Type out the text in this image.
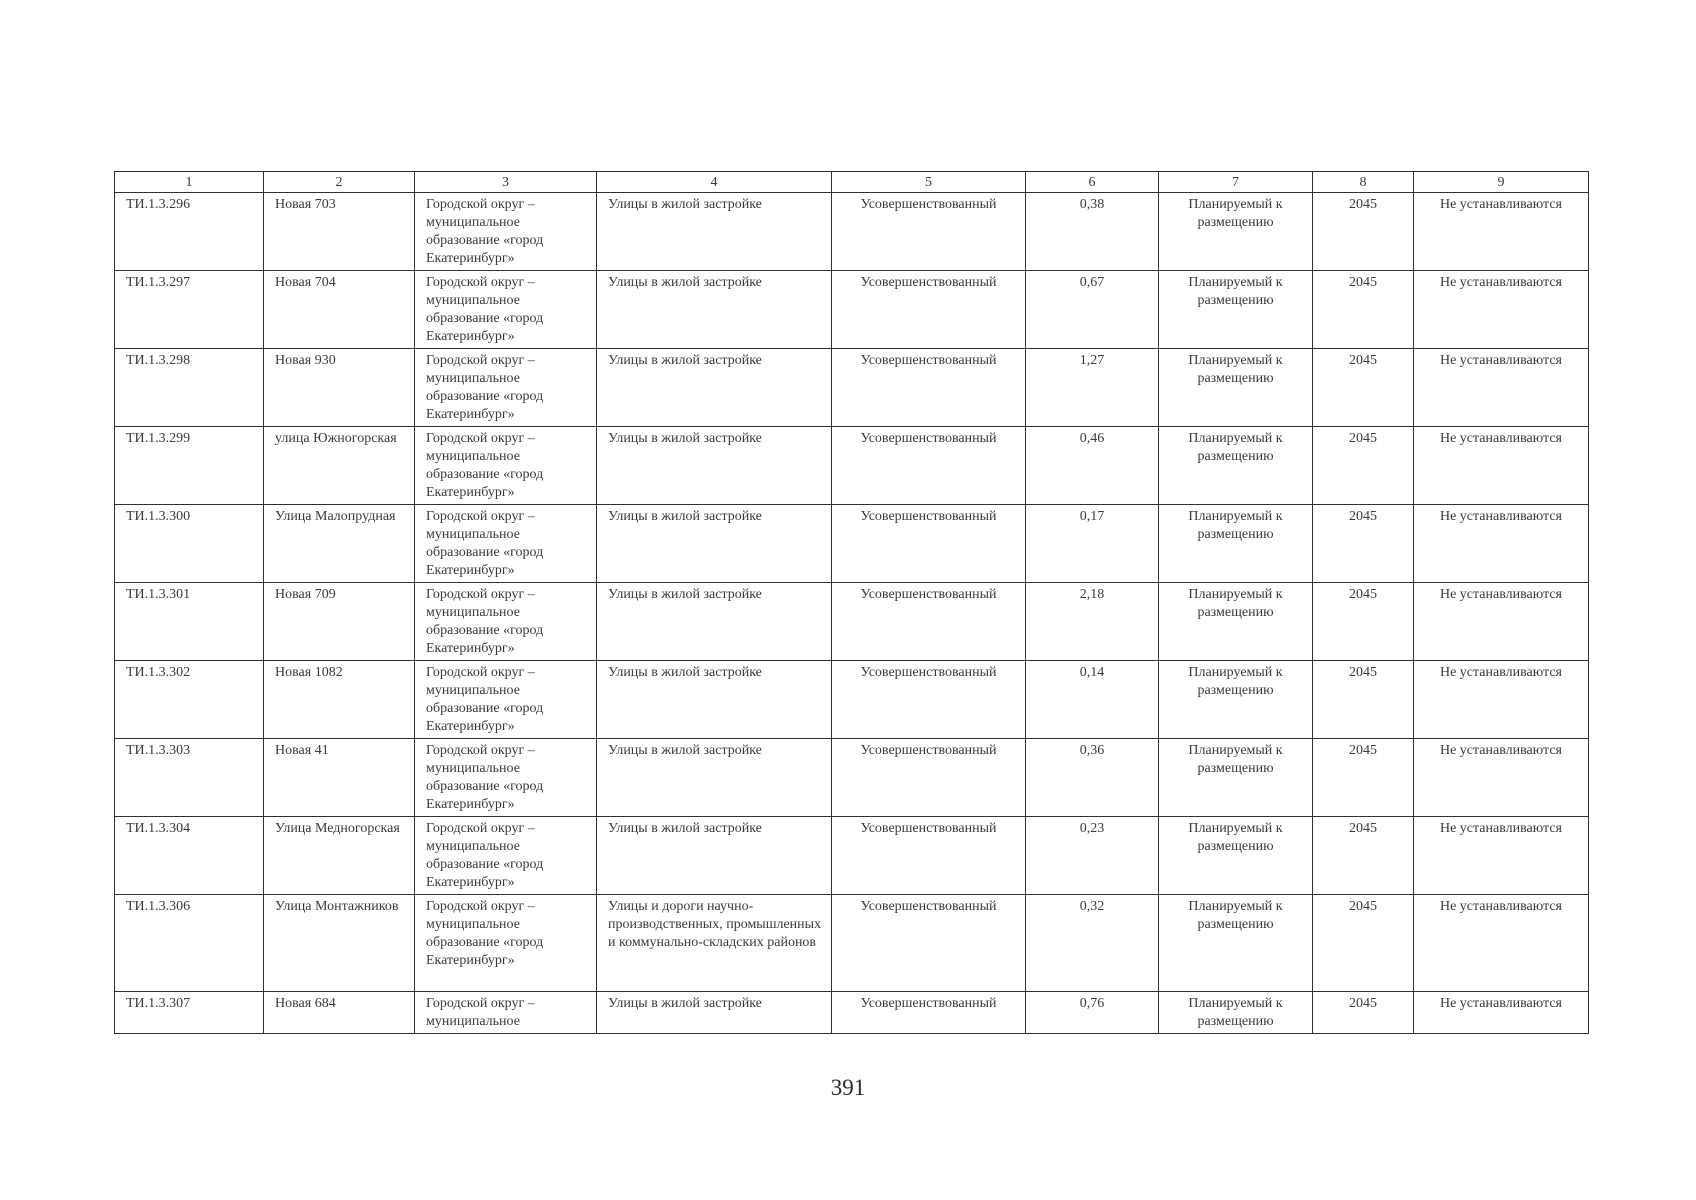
1	2	3	4	5	6	7	8	9
ТИ.1.3.296	Новая 703	Городской округ – муниципальное образование «город Екатеринбург»	Улицы в жилой застройке	Усовершенствованный	0,38	Планируемый к размещению	2045	Не устанавливаются
ТИ.1.3.297	Новая 704	Городской округ – муниципальное образование «город Екатеринбург»	Улицы в жилой застройке	Усовершенствованный	0,67	Планируемый к размещению	2045	Не устанавливаются
ТИ.1.3.298	Новая 930	Городской округ – муниципальное образование «город Екатеринбург»	Улицы в жилой застройке	Усовершенствованный	1,27	Планируемый к размещению	2045	Не устанавливаются
ТИ.1.3.299	улица Южногорская	Городской округ – муниципальное образование «город Екатеринбург»	Улицы в жилой застройке	Усовершенствованный	0,46	Планируемый к размещению	2045	Не устанавливаются
ТИ.1.3.300	Улица Малопрудная	Городской округ – муниципальное образование «город Екатеринбург»	Улицы в жилой застройке	Усовершенствованный	0,17	Планируемый к размещению	2045	Не устанавливаются
ТИ.1.3.301	Новая 709	Городской округ – муниципальное образование «город Екатеринбург»	Улицы в жилой застройке	Усовершенствованный	2,18	Планируемый к размещению	2045	Не устанавливаются
ТИ.1.3.302	Новая 1082	Городской округ – муниципальное образование «город Екатеринбург»	Улицы в жилой застройке	Усовершенствованный	0,14	Планируемый к размещению	2045	Не устанавливаются
ТИ.1.3.303	Новая 41	Городской округ – муниципальное образование «город Екатеринбург»	Улицы в жилой застройке	Усовершенствованный	0,36	Планируемый к размещению	2045	Не устанавливаются
ТИ.1.3.304	Улица Медногорская	Городской округ – муниципальное образование «город Екатеринбург»	Улицы в жилой застройке	Усовершенствованный	0,23	Планируемый к размещению	2045	Не устанавливаются
ТИ.1.3.306	Улица Монтажников	Городской округ – муниципальное образование «город Екатеринбург»	Улицы и дороги научно-производственных, промышленных и коммунально-складских районов	Усовершенствованный	0,32	Планируемый к размещению	2045	Не устанавливаются
ТИ.1.3.307	Новая 684	Городской округ – муниципальное	Улицы в жилой застройке	Усовершенствованный	0,76	Планируемый к размещению	2045	Не устанавливаются
391
